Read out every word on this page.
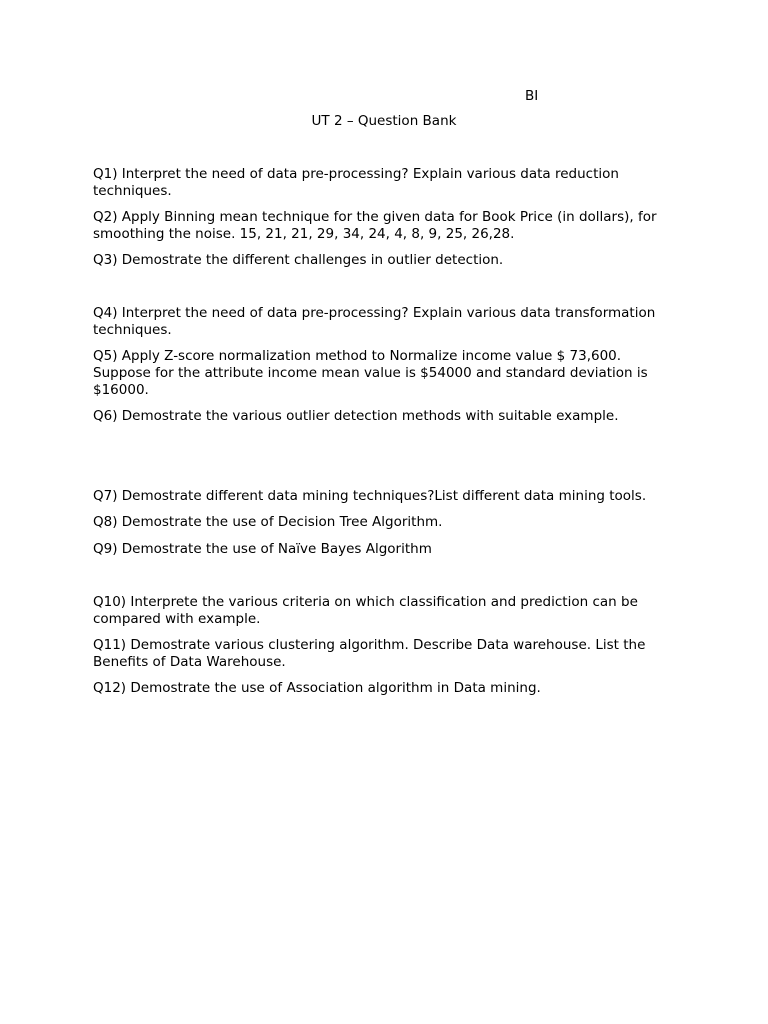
BI
UT 2 – Question Bank

Q1) Interpret the need of data pre-processing? Explain various data reduction techniques.

Q2) Apply Binning mean technique for the given data for Book Price (in dollars), for smoothing the noise. 15, 21, 21, 29, 34, 24, 4, 8, 9, 25, 26,28.

Q3) Demostrate the different challenges in outlier detection.

Q4) Interpret the need of data pre-processing? Explain various data transformation techniques.

Q5) Apply Z-score normalization method to Normalize income value $ 73,600. Suppose for the attribute income mean value is $54000 and standard deviation is $16000.

Q6) Demostrate the various outlier detection methods with suitable example.

Q7) Demostrate different data mining techniques?List different data mining tools.

Q8) Demostrate the use of Decision Tree Algorithm.

Q9) Demostrate the use of Naïve Bayes Algorithm

Q10) Interprete the various criteria on which classification and prediction can be compared with example.

Q11) Demostrate various clustering algorithm. Describe Data warehouse. List the Benefits of Data Warehouse.

Q12) Demostrate the use of Association algorithm in Data mining.
